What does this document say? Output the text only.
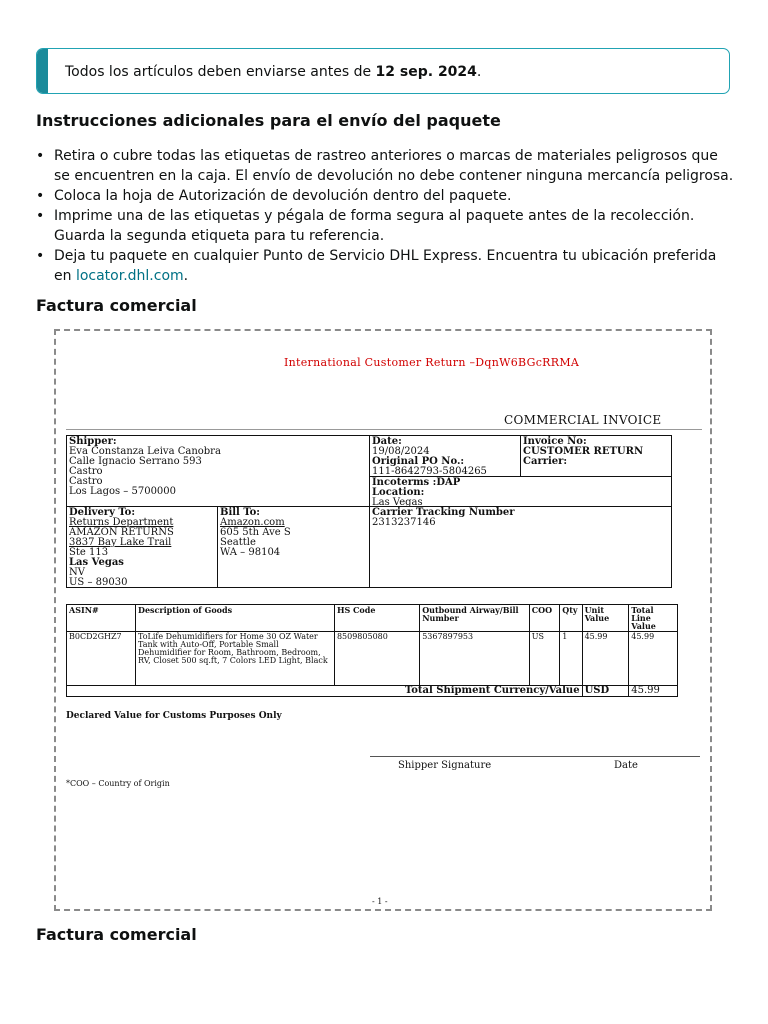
Todos los artículos deben enviarse antes de 12 sep. 2024.
Instrucciones adicionales para el envío del paquete
• Retira o cubre todas las etiquetas de rastreo anteriores o marcas de materiales peligrosos que se encuentren en la caja. El envío de devolución no debe contener ninguna mercancía peligrosa.
• Coloca la hoja de Autorización de devolución dentro del paquete.
• Imprime una de las etiquetas y pégala de forma segura al paquete antes de la recolección. Guarda la segunda etiqueta para tu referencia.
• Deja tu paquete en cualquier Punto de Servicio DHL Express. Encuentra tu ubicación preferida en locator.dhl.com.
Factura comercial
International Customer Return –DqnW6BGcRRMA
COMMERCIAL INVOICE
Shipper:
Eva Constanza Leiva Canobra
Calle Ignacio Serrano 593
Castro
Castro
Los Lagos – 5700000
Date:
19/08/2024
Original PO No.:
111-8642793-5804265
Invoice No:
CUSTOMER RETURN
Carrier:
Incoterms :DAP
Location:
Las Vegas
Delivery To:
Returns Department
AMAZON RETURNS
3837 Bay Lake Trail
Ste 113
Las Vegas
NV
US – 89030
Bill To:
Amazon.com
605 5th Ave S
Seattle
WA – 98104
Carrier Tracking Number
2313237146
ASIN#	Description of Goods	HS Code	Outbound Airway/Bill Number	COO	Qty	Unit Value	Total Line Value
B0CD2GHZ7	ToLife Dehumidifiers for Home 30 OZ Water Tank with Auto-Off, Portable Small Dehumidifier for Room, Bathroom, Bedroom, RV, Closet 500 sq.ft, 7 Colors LED Light, Black	8509805080	5367897953	US	1	45.99	45.99
Total Shipment Currency/Value						USD	45.99
Declared Value for Customs Purposes Only
Shipper Signature	Date
*COO – Country of Origin
- 1 -
Factura comercial
